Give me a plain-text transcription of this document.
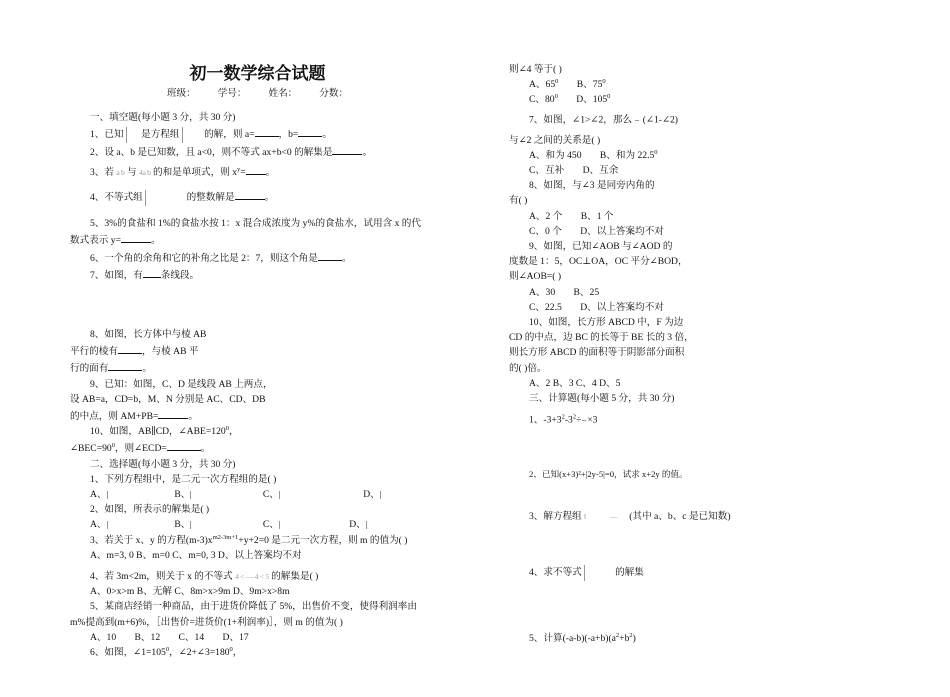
初一数学综合试题
班级： 学号： 姓名： 分数：
一、填空题(每小题 3 分，共 30 分)
1、已知 是方程组	的解，则 a=	，b=	。
2、设 a、b 是已知数，且 a<0，则不等式 ax+b<0 的解集是	。
3、若 a b 与 4a b 的和是单项式，则 $x^y=$ 。
4、不等式组	的整数解是	。
5、3%的食盐和 1%的食盐水按 1：x 混合成浓度为 y%的食盐水，试用含 x 的代
数式表示 y=	。
6、一个角的余角和它的补角之比是 2：7，则这个角是	。
7、如图，有 条线段。
8、如图，长方体中与棱 AB
平行的棱有	，与棱 AB 平
行的面有	。
9、已知：如图，C、D 是线段 AB 上两点，
设 AB=a，CD=b，M、N 分别是 AC、CD、DB
的中点，则 AM+PB=	。
10、如图，AB∥CD，$\angle ABE=120^0$，
$\angle BEC=90^0$，则∠ECD=	。
二、选择题(每小题 3 分，共 30 分)
1、下列方程组中，是二元一次方程组的是( )
A、	B、	C、	D、
2、如图，所表示的解集是( )
A、	B、	C、	D、
3、若关于 x、y 的方程$(m-3)x^{m2-3m+1}+y+2=0$ 是二元一次方程，则 m 的值为( )
A、m=3, 0 B、m=0 C、m=0, 3 D、以上答案均不对
4、若 3m<2m，则关于 x 的不等式 4 < — 4 < 5 的解集是( )
A、0>x>m B、无解 C、8m>x>9m D、9m>x>8m
5、某商店经销一种商品，由于进货价降低了 5%，出售价不变，使得利润率由
m%提高到(m+6)%，［出售价=进货价(1+利润率)］，则 m 的值为( )
A、10 B、12 C、14 D、17
6、如图，$\angle 1=105^0$，$\angle 2+\angle 3=180^0$，
则∠4 等于( )
A、$65^0$ B、$75^0$
C、$80^0$ D、$105^0$
7、如图，∠1>∠2，那么

(∠1-∠2)
与∠2 之间的关系是( )
A、和为 450 B、和为 22.5$^0$
C、互补 D、互余
8、如图，与∠3 是同旁内角的
有( )
A、2 个 B、1 个
C、0 个 D、以上答案均不对
9、如图，已知∠AOB 与∠AOD 的
度数是 1：5，OC⊥OA，OC 平分∠BOD，
则∠AOB=( )
A、30 B、25
C、22.5 D、以上答案均不对
10、如图，长方形 ABCD 中，F 为边
CD 的中点，边 BC 的长等于 BE 长的 3 倍，
则长方形 ABCD 的面积等于阴影部分面积
的( )倍。
A、2 B、3 C、4 D、5
三、计算题(每小题 5 分，共 30 分)
1、$-3+3^2-3^2\div$

×3
2、已知(x+3)²+|2y-5|=0，试求 x+2y 的值。
3、解方程组 ‖               —       (其中 a、b、c 是已知数)
4、求不等式	的解集
5、计算$(-a-b)(-a+b)(a^2+b^2)$
